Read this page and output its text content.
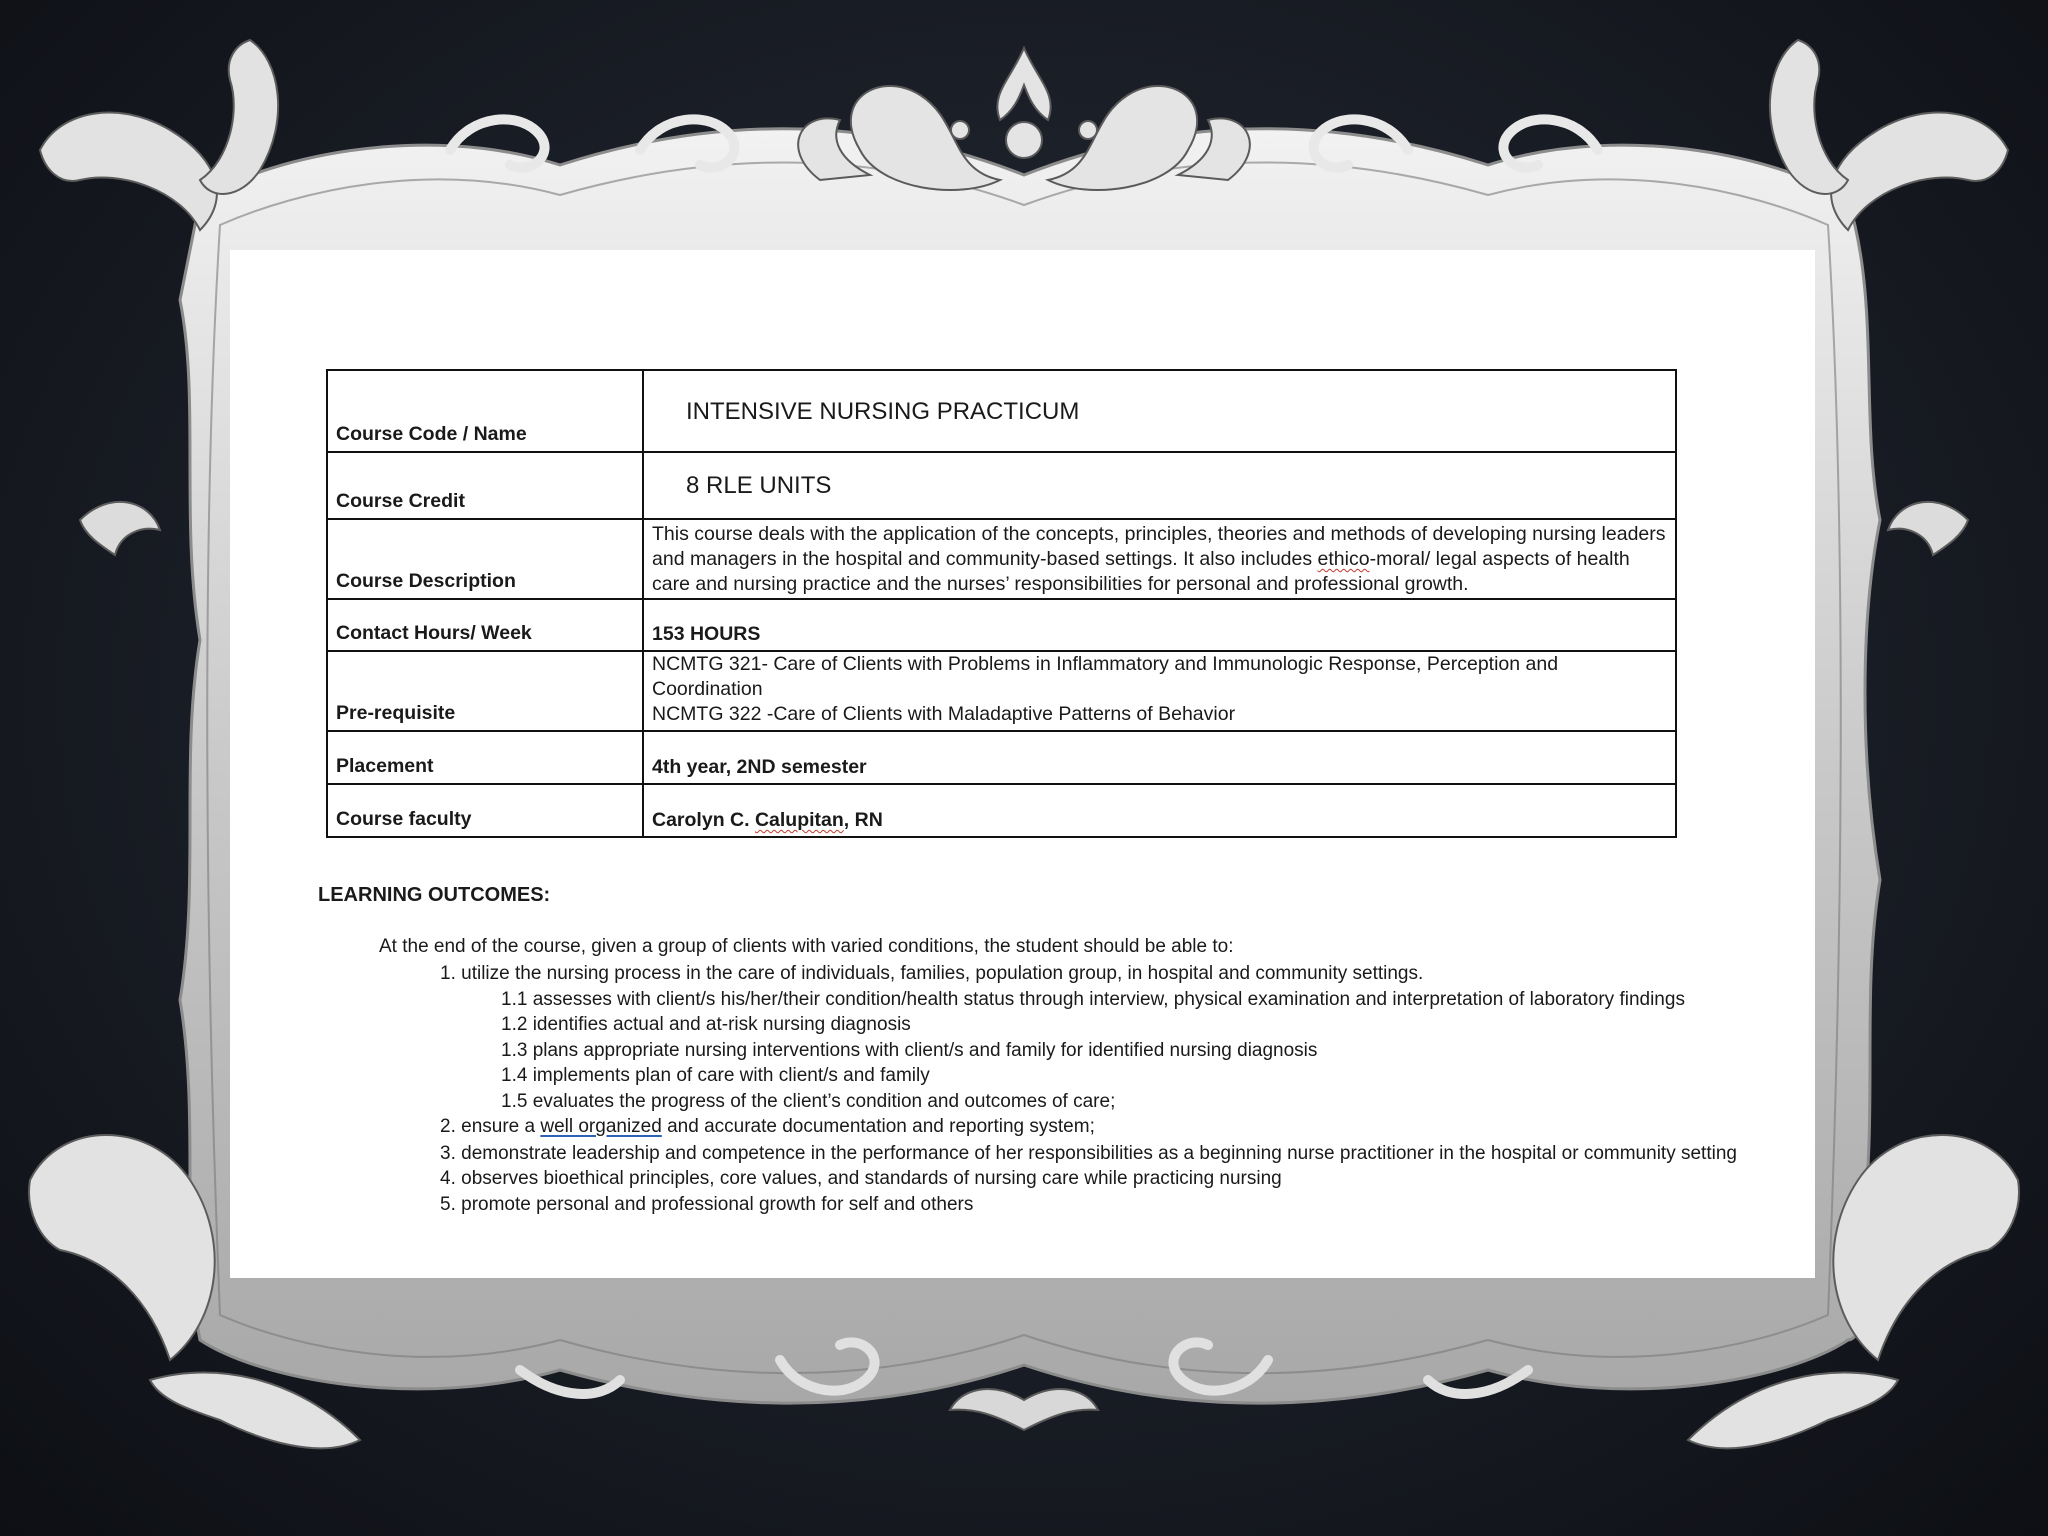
Course Code / Name	INTENSIVE NURSING PRACTICUM
Course Credit	8 RLE UNITS
Course Description	This course deals with the application of the concepts, principles, theories and methods of developing nursing leaders and managers in the hospital and community-based settings. It also includes ethico-moral/ legal aspects of health care and nursing practice and the nurses’ responsibilities for personal and professional growth.
Contact Hours/ Week	153 HOURS
Pre-requisite	NCMTG 321- Care of Clients with Problems in Inflammatory and Immunologic Response, Perception and Coordination
NCMTG 322 -Care of Clients with Maladaptive Patterns of Behavior

Placement	4th year, 2ND semester
Course faculty	Carolyn C. Calupitan, RN
LEARNING OUTCOMES:
At the end of the course, given a group of clients with varied conditions, the student should be able to:
1. utilize the nursing process in the care of individuals, families, population group, in hospital and community settings.
1.1 assesses with client/s his/her/their condition/health status through interview, physical examination and interpretation of laboratory findings
1.2 identifies actual and at-risk nursing diagnosis
1.3 plans appropriate nursing interventions with client/s and family for identified nursing diagnosis
1.4 implements plan of care with client/s and family
1.5 evaluates the progress of the client’s condition and outcomes of care;
2. ensure a well organized and accurate documentation and reporting system;
3. demonstrate leadership and competence in the performance of her responsibilities as a beginning nurse practitioner in the hospital or community setting
4. observes bioethical principles, core values, and standards of nursing care while practicing nursing
5. promote personal and professional growth for self and others
